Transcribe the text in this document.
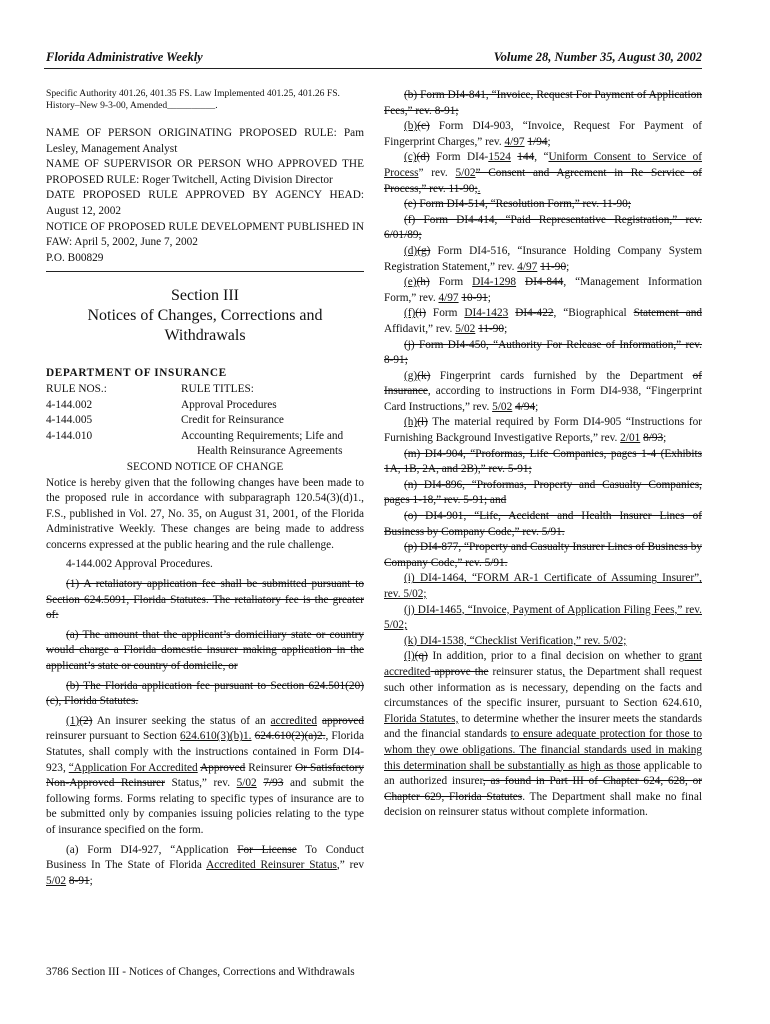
Florida Administrative Weekly	Volume 28, Number 35, August 30, 2002

Specific Authority 401.26, 401.35 FS. Law Implemented 401.25, 401.26 FS. History–New 9-3-00, Amended__________.

NAME OF PERSON ORIGINATING PROPOSED RULE: Pam Lesley, Management Analyst

NAME OF SUPERVISOR OR PERSON WHO APPROVED THE PROPOSED RULE: Roger Twitchell, Acting Division Director

DATE PROPOSED RULE APPROVED BY AGENCY HEAD: August 12, 2002

NOTICE OF PROPOSED RULE DEVELOPMENT PUBLISHED IN FAW: April 5, 2002, June 7, 2002

P.O. B00829

Section III
Notices of Changes, Corrections and Withdrawals

DEPARTMENT OF INSURANCE

RULE NOS.:	RULE TITLES:
4-144.002	Approval Procedures
4-144.005	Credit for Reinsurance
4-144.010	Accounting Requirements; Life and
	Health Reinsurance Agreements

SECOND NOTICE OF CHANGE

Notice is hereby given that the following changes have been made to the proposed rule in accordance with subparagraph 120.54(3)(d)1., F.S., published in Vol. 27, No. 35, on August 31, 2001, of the Florida Administrative Weekly. These changes are being made to address concerns expressed at the public hearing and the rule challenge.

4-144.002 Approval Procedures.

(1) A retaliatory application fee shall be submitted pursuant to Section 624.5091, Florida Statutes. The retaliatory fee is the greater of:

(a) The amount that the applicant’s domiciliary state or country would charge a Florida domestic insurer making application in the applicant’s state or country of domicile, or

(b) The Florida application fee pursuant to Section 624.501(20)(c), Florida Statutes.

(1)(2) An insurer seeking the status of an accredited approved reinsurer pursuant to Section 624.610(3)(b)1. 624.610(2)(a)2., Florida Statutes, shall comply with the instructions contained in Form DI4-923, “Application For Accredited Approved Reinsurer Or Satisfactory Non-Approved Reinsurer Status,” rev. 5/02 7/93 and submit the following forms. Forms relating to specific types of insurance are to be submitted only by companies issuing policies relating to the type of insurance specified on the form.

(a) Form DI4-927, “Application For License To Conduct Business In The State of Florida Accredited Reinsurer Status,” rev 5/02 8-91;

(b) Form DI4-841, “Invoice, Request For Payment of Application Fees,” rev. 8-91;

(b)(c) Form DI4-903, “Invoice, Request For Payment of Fingerprint Charges,” rev. 4/97 1/94;

(c)(d) Form DI4-1524 144, “Uniform Consent to Service of Process” rev. 5/02” Consent and Agreement in Re Service of Process,” rev. 11-90;.

(e) Form DI4-514, “Resolution Form,” rev. 11-90;

(f) Form DI4-414, “Paid Representative Registration,” rev. 6/01/89;

(d)(g) Form DI4-516, “Insurance Holding Company System Registration Statement,” rev. 4/97 11-90;

(e)(h) Form DI4-1298 DI4-844, “Management Information Form,” rev. 4/97 10-91;

(f)(i) Form DI4-1423 DI4-422, “Biographical Statement and Affidavit,” rev. 5/02 11-90;

(j) Form DI4-450, “Authority For Release of Information,” rev. 8-91;

(g)(k) Fingerprint cards furnished by the Department of Insurance, according to instructions in Form DI4-938, “Fingerprint Card Instructions,” rev. 5/02 4/94;

(h)(l) The material required by Form DI4-905 “Instructions for Furnishing Background Investigative Reports,” rev. 2/01 8/93;

(m) DI4-904, “Proformas, Life Companies, pages 1-4 (Exhibits 1A, 1B, 2A, and 2B),” rev. 5-91;

(n) DI4-896, “Proformas, Property and Casualty Companies, pages 1-18,” rev. 5-91; and

(o) DI4-901, “Life, Accident and Health Insurer Lines of Business by Company Code,” rev. 5/91.

(p) DI4-877, “Property and Casualty Insurer Lines of Business by Company Code,” rev. 5/91.

(i) DI4-1464, “FORM AR-1 Certificate of Assuming Insurer”, rev. 5/02;

(j) DI4-1465, “Invoice, Payment of Application Filing Fees,” rev. 5/02;

(k) DI4-1538, “Checklist Verification,” rev. 5/02;

(l)(q) In addition, prior to a final decision on whether to grant accredited approve the reinsurer status, the Department shall request such other information as is necessary, depending on the facts and circumstances of the specific insurer, pursuant to Section 624.610, Florida Statutes, to determine whether the insurer meets the standards and the financial standards to ensure adequate protection for those to whom they owe obligations. The financial standards used in making this determination shall be substantially as high as those applicable to an authorized insurer, as found in Part III of Chapter 624, 628, or Chapter 629, Florida Statutes. The Department shall make no final decision on reinsurer status without complete information.

3786 Section III - Notices of Changes, Corrections and Withdrawals
